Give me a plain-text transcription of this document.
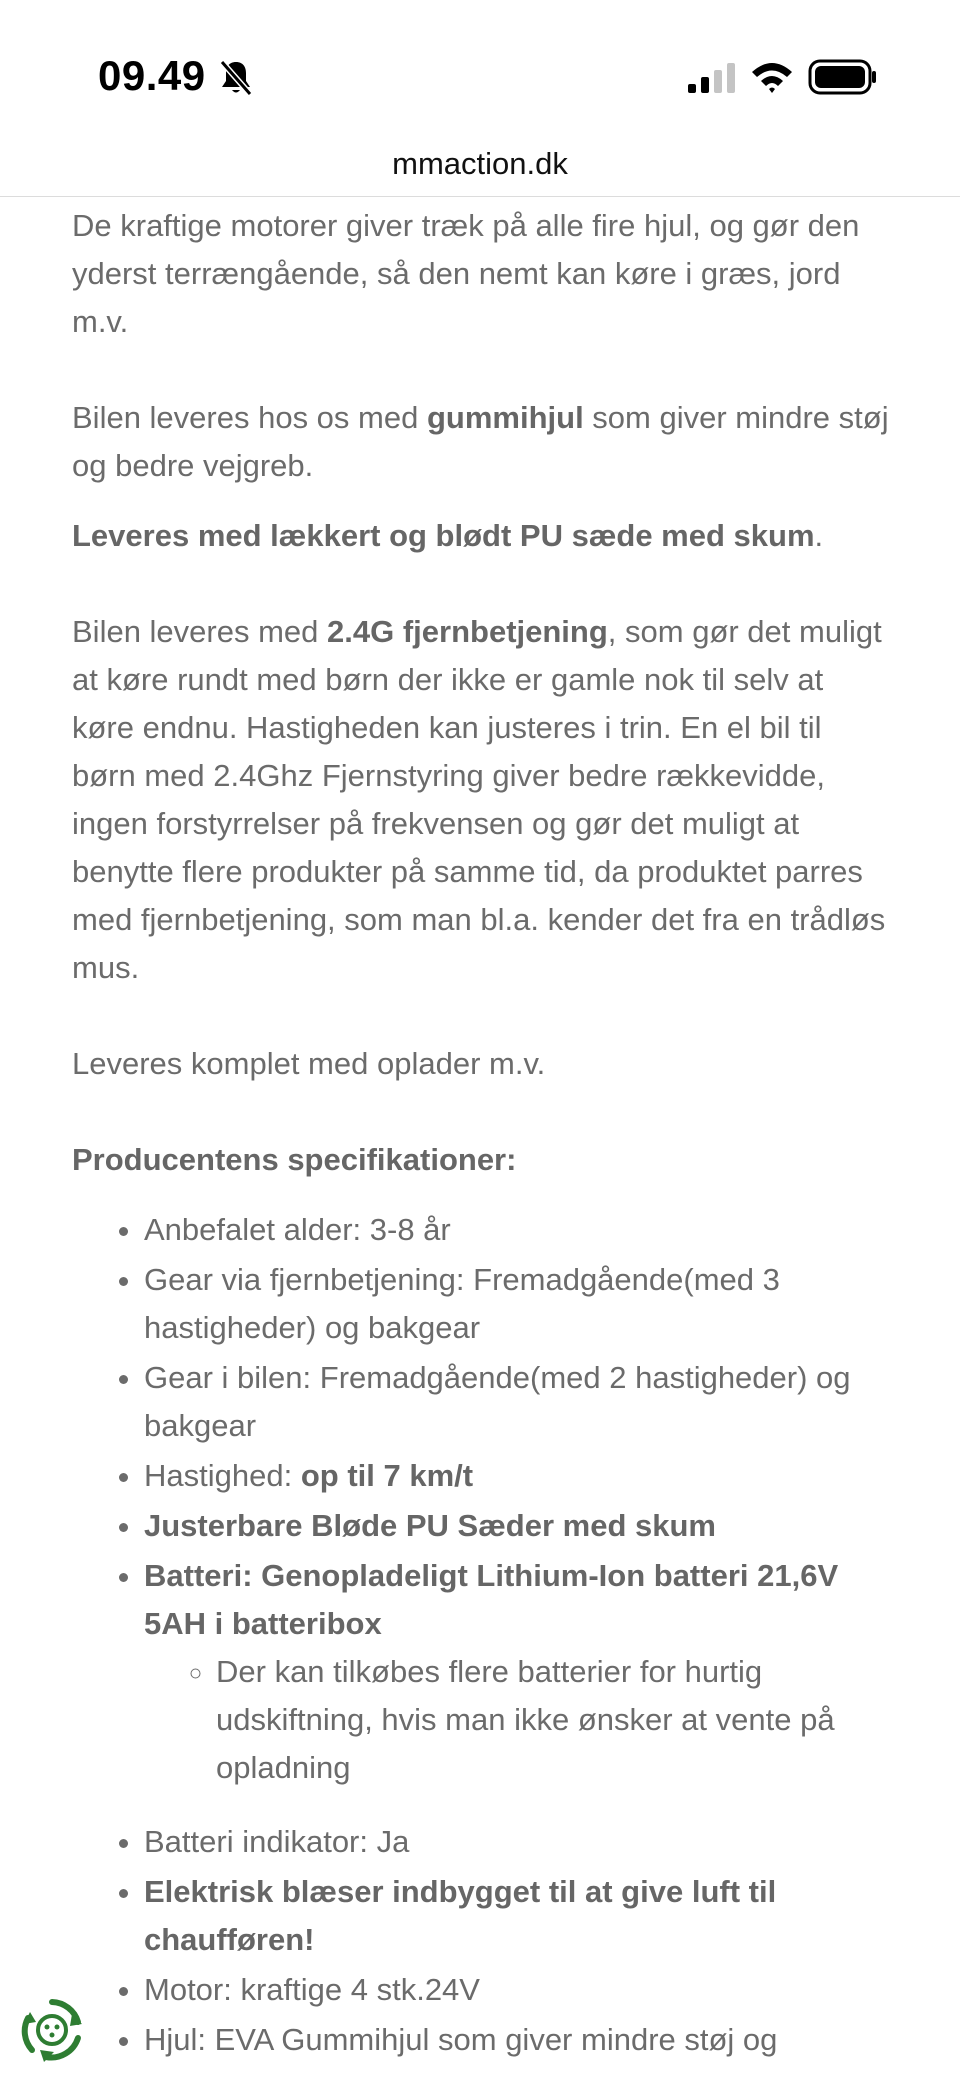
09.49
mmaction.dk

De kraftige motorer giver træk på alle fire hjul, og gør den yderst terrængående, så den nemt kan køre i græs, jord m.v.

Bilen leveres hos os med gummihjul som giver mindre støj og bedre vejgreb.

Leveres med lækkert og blødt PU sæde med skum.

Bilen leveres med 2.4G fjernbetjening, som gør det muligt at køre rundt med børn der ikke er gamle nok til selv at køre endnu. Hastigheden kan justeres i trin. En el bil til børn med 2.4Ghz Fjernstyring giver bedre rækkevidde, ingen forstyrrelser på frekvensen og gør det muligt at benytte flere produkter på samme tid, da produktet parres med fjernbetjening, som man bl.a. kender det fra en trådløs mus.

Leveres komplet med oplader m.v.

Producentens specifikationer:

• Anbefalet alder: 3-8 år
• Gear via fjernbetjening: Fremadgående(med 3 hastigheder) og bakgear
• Gear i bilen: Fremadgående(med 2 hastigheder) og bakgear
• Hastighed: op til 7 km/t
• Justerbare Bløde PU Sæder med skum
• Batteri: Genopladeligt Lithium-Ion batteri 21,6V 5AH i batteribox
◦ Der kan tilkøbes flere batterier for hurtig udskiftning, hvis man ikke ønsker at vente på opladning
• Batteri indikator: Ja
• Elektrisk blæser indbygget til at give luft til chaufføren!
• Motor: kraftige 4 stk.24V
• Hjul: EVA Gummihjul som giver mindre støj og
